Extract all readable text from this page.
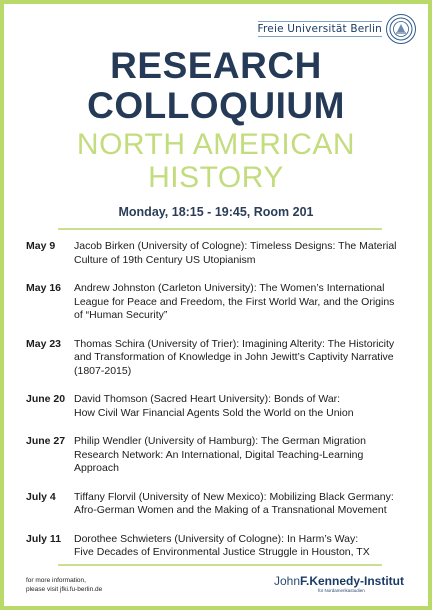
Freie Universität Berlin
RESEARCH
COLLOQUIUM
NORTH AMERICAN
HISTORY
Monday, 18:15 - 19:45, Room 201
May 9	Jacob Birken (University of Cologne): Timeless Designs: The Material
Culture of 19th Century US Utopianism
May 16	Andrew Johnston (Carleton University): The Women’s International
League for Peace and Freedom, the First World War, and the Origins
of “Human Security”
May 23	Thomas Schira (University of Trier): Imagining Alterity: The Historicity
and Transformation of Knowledge in John Jewitt’s Captivity Narrative
(1807-2015)
June 20 David Thomson (Sacred Heart University): Bonds of War:
How Civil War Financial Agents Sold the World on the Union
June 27 Philip Wendler (University of Hamburg): The German Migration
Research Network: An International, Digital Teaching-Learning
Approach
July 4	Tiffany Florvil (University of New Mexico): Mobilizing Black Germany:
Afro-German Women and the Making of a Transnational Movement
July 11	Dorothee Schwieters (University of Cologne): In Harm’s Way:
Five Decades of Environmental Justice Struggle in Houston, TX
for more information,
please visit jfki.fu-berlin.de
JohnF.Kennedy-Institut
für Nordamerikastudien
